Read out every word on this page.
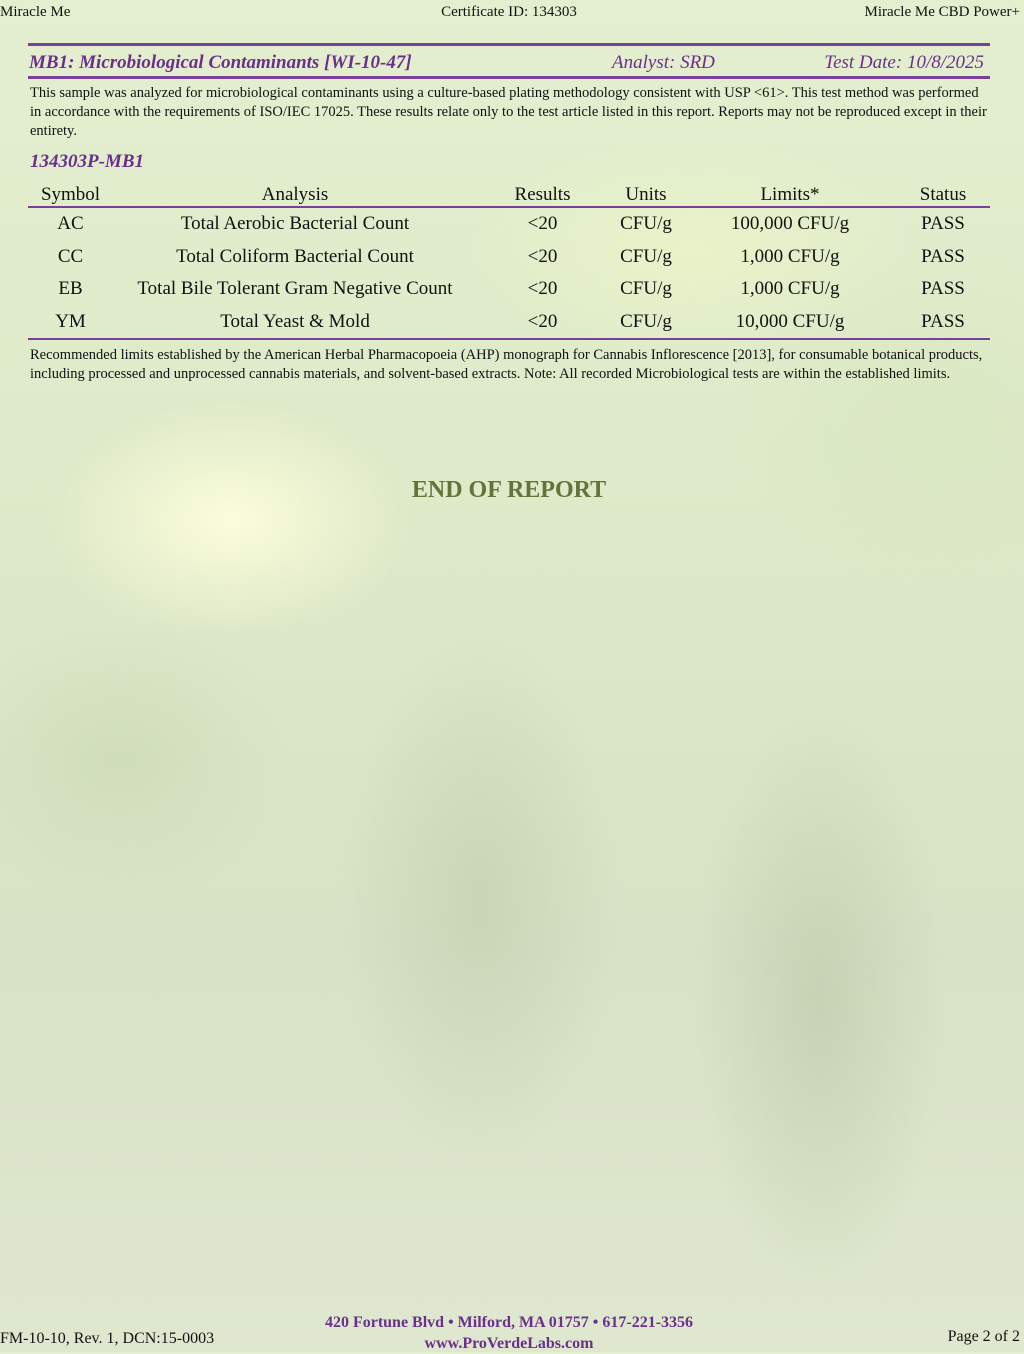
Miracle Me	Certificate ID: 134303	Miracle Me CBD Power+
MB1: Microbiological Contaminants [WI-10-47]	Analyst: SRD	Test Date: 10/8/2025
This sample was analyzed for microbiological contaminants using a culture-based plating methodology consistent with USP <61>. This test method was performed in accordance with the requirements of ISO/IEC 17025. These results relate only to the test article listed in this report. Reports may not be reproduced except in their entirety.
134303P-MB1
Symbol	Analysis	Results	Units	Limits*	Status
AC	Total Aerobic Bacterial Count	<20	CFU/g	100,000 CFU/g	PASS
CC	Total Coliform Bacterial Count	<20	CFU/g	1,000 CFU/g	PASS
EB	Total Bile Tolerant Gram Negative Count	<20	CFU/g	1,000 CFU/g	PASS
YM	Total Yeast & Mold	<20	CFU/g	10,000 CFU/g	PASS
Recommended limits established by the American Herbal Pharmacopoeia (AHP) monograph for Cannabis Inflorescence [2013], for consumable botanical products, including processed and unprocessed cannabis materials, and solvent-based extracts. Note: All recorded Microbiological tests are within the established limits.
END OF REPORT
FM-10-10, Rev. 1, DCN:15-0003
420 Fortune Blvd • Milford, MA 01757 • 617-221-3356
www.ProVerdeLabs.com	Page 2 of 2
